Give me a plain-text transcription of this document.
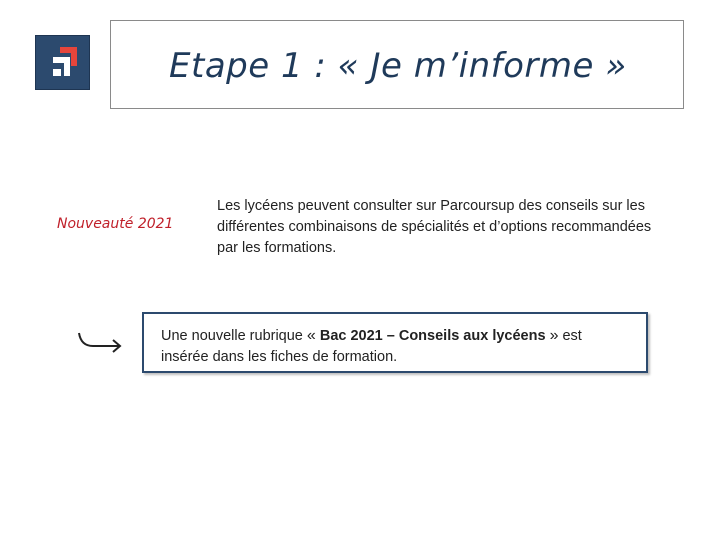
Etape 1 : « Je m’informe »
Nouveauté 2021
Les lycéens peuvent consulter sur Parcoursup des conseils sur les différentes combinaisons de spécialités et d’options recommandées par les formations.
Une nouvelle rubrique « Bac 2021 – Conseils aux lycéens » est insérée dans les fiches de formation.
